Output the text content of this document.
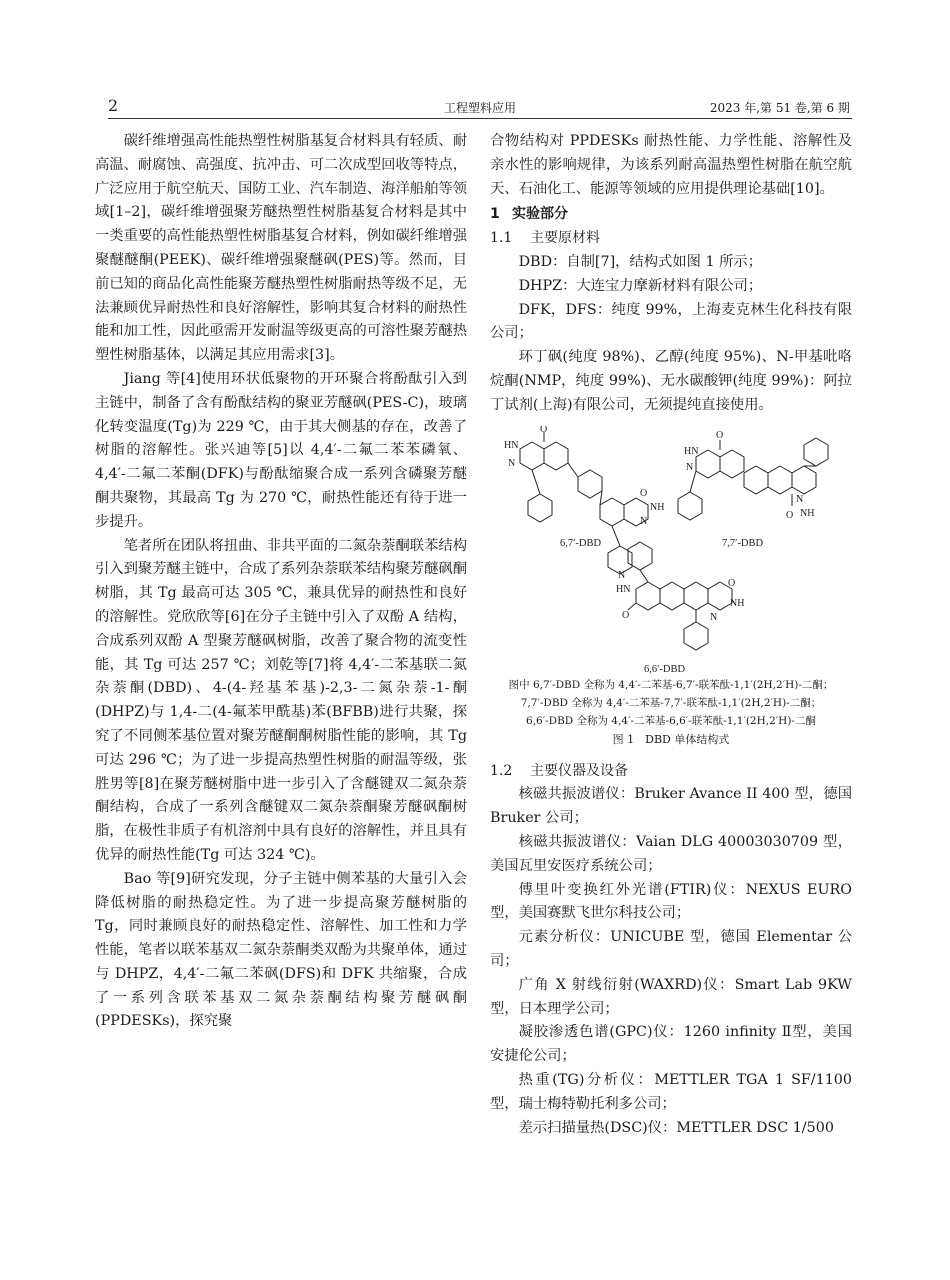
2	工程塑料应用	2023 年,第 51 卷,第 6 期

碳纤维增强高性能热塑性树脂基复合材料具有轻质、耐高温、耐腐蚀、高强度、抗冲击、可二次成型回收等特点，广泛应用于航空航天、国防工业、汽车制造、海洋船舶等领域[1–2]，碳纤维增强聚芳醚热塑性树脂基复合材料是其中一类重要的高性能热塑性树脂基复合材料，例如碳纤维增强聚醚醚酮(PEEK)、碳纤维增强聚醚砜(PES)等。然而，目前已知的商品化高性能聚芳醚热塑性树脂耐热等级不足，无法兼顾优异耐热性和良好溶解性，影响其复合材料的耐热性能和加工性，因此亟需开发耐温等级更高的可溶性聚芳醚热塑性树脂基体，以满足其应用需求[3]。

Jiang 等[4]使用环状低聚物的开环聚合将酚酞引入到主链中，制备了含有酚酞结构的聚亚芳醚砜(PES-C)，玻璃化转变温度(Tg)为 229 ℃，由于其大侧基的存在，改善了树脂的溶解性。张兴迪等[5]以 4,4′-二氟二苯苯磷氧、4,4′-二氟二苯酮(DFK)与酚酞缩聚合成一系列含磷聚芳醚酮共聚物，其最高 Tg 为 270 ℃，耐热性能还有待于进一步提升。

笔者所在团队将扭曲、非共平面的二氮杂萘酮联苯结构引入到聚芳醚主链中，合成了系列杂萘联苯结构聚芳醚砜酮树脂，其 Tg 最高可达 305 ℃，兼具优异的耐热性和良好的溶解性。党欣欣等[6]在分子主链中引入了双酚 A 结构，合成系列双酚 A 型聚芳醚砜树脂，改善了聚合物的流变性能，其 Tg 可达 257 ℃；刘乾等[7]将 4,4′-二苯基联二氮杂萘酮(DBD)、4-(4-羟基苯基)-2,3-二氮杂萘-1-酮(DHPZ)与 1,4-二(4-氟苯甲酰基)苯(BFBB)进行共聚，探究了不同侧苯基位置对聚芳醚酮酮树脂性能的影响，其 Tg 可达 296 ℃；为了进一步提高热塑性树脂的耐温等级，张胜男等[8]在聚芳醚树脂中进一步引入了含醚键双二氮杂萘酮结构，合成了一系列含醚键双二氮杂萘酮聚芳醚砜酮树脂，在极性非质子有机溶剂中具有良好的溶解性，并且具有优异的耐热性能(Tg 可达 324 ℃)。

Bao 等[9]研究发现，分子主链中侧苯基的大量引入会降低树脂的耐热稳定性。为了进一步提高聚芳醚树脂的 Tg，同时兼顾良好的耐热稳定性、溶解性、加工性和力学性能，笔者以联苯基双二氮杂萘酮类双酚为共聚单体，通过与 DHPZ，4,4′-二氟二苯砜(DFS)和 DFK 共缩聚，合成了一系列含联苯基双二氮杂萘酮结构聚芳醚砜酮(PPDESKs)，探究聚

合物结构对 PPDESKs 耐热性能、力学性能、溶解性及亲水性的影响规律，为该系列耐高温热塑性树脂在航空航天、石油化工、能源等领域的应用提供理论基础[10]。

1 实验部分

1.1 主要原材料

DBD：自制[7]，结构式如图 1 所示；

DHPZ：大连宝力摩新材料有限公司；

DFK，DFS：纯度 99%，上海麦克林生化科技有限公司；

环丁砜(纯度 98%)、乙醇(纯度 95%)、N-甲基吡咯烷酮(NMP，纯度 99%)、无水碳酸钾(纯度 99%)：阿拉丁试剂(上海)有限公司，无须提纯直接使用。

O
HN
N
NH
N
O
O
HN
N
N
NH
O
N
HN
O
O
NH
N
6,7′-DBD	7,7′-DBD
6,6′-DBD

图中 6,7′-DBD 全称为 4,4′-二苯基-6,7′-联苯酞-1,1′(2H,2′H)-二酮；

7,7′-DBD 全称为 4,4′-二苯基-7,7′-联苯酞-1,1′(2H,2′H)-二酮；

6,6′-DBD 全称为 4,4′-二苯基-6,6′-联苯酞-1,1′(2H,2′H)-二酮

图 1　DBD 单体结构式

1.2 主要仪器及设备

核磁共振波谱仪：Bruker Avance II 400 型，德国 Bruker 公司；

核磁共振波谱仪：Vaian DLG 40003030709 型，美国瓦里安医疗系统公司；

傅里叶变换红外光谱(FTIR)仪：NEXUS EURO 型，美国赛默飞世尔科技公司；

元素分析仪：UNICUBE 型，德国 Elementar 公司；

广角 X 射线衍射(WAXRD)仪：Smart Lab 9KW 型，日本理学公司；

凝胶渗透色谱(GPC)仪：1260 infinity Ⅱ型，美国安捷伦公司；

热重(TG)分析仪：METTLER TGA 1 SF/1100 型，瑞士梅特勒托利多公司；

差示扫描量热(DSC)仪：METTLER DSC 1/500
